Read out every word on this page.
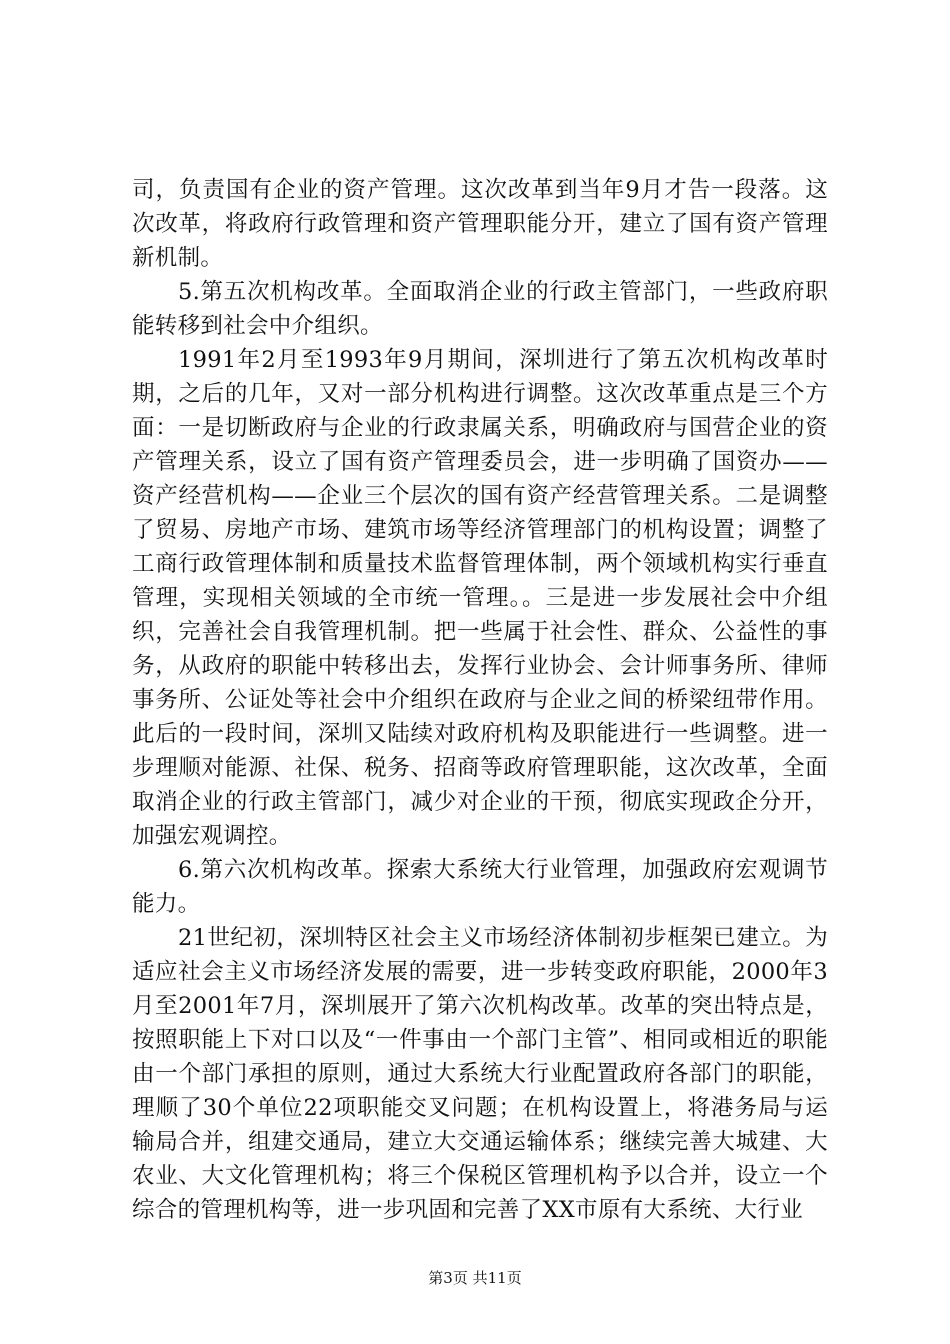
司，负责国有企业的资产管理。这次改革到当年9月才告一段落。这次改革，将政府行政管理和资产管理职能分开，建立了国有资产管理新机制。

5.第五次机构改革。全面取消企业的行政主管部门，一些政府职能转移到社会中介组织。

1991年2月至1993年9月期间，深圳进行了第五次机构改革时期，之后的几年，又对一部分机构进行调整。这次改革重点是三个方面：一是切断政府与企业的行政隶属关系，明确政府与国营企业的资产管理关系，设立了国有资产管理委员会，进一步明确了国资办——资产经营机构——企业三个层次的国有资产经营管理关系。二是调整了贸易、房地产市场、建筑市场等经济管理部门的机构设置；调整了工商行政管理体制和质量技术监督管理体制，两个领域机构实行垂直管理，实现相关领域的全市统一管理。。三是进一步发展社会中介组织，完善社会自我管理机制。把一些属于社会性、群众、公益性的事务，从政府的职能中转移出去，发挥行业协会、会计师事务所、律师事务所、公证处等社会中介组织在政府与企业之间的桥梁纽带作用。此后的一段时间，深圳又陆续对政府机构及职能进行一些调整。进一步理顺对能源、社保、税务、招商等政府管理职能，这次改革，全面取消企业的行政主管部门，减少对企业的干预，彻底实现政企分开，加强宏观调控。

6.第六次机构改革。探索大系统大行业管理，加强政府宏观调节能力。

21世纪初，深圳特区社会主义市场经济体制初步框架已建立。为适应社会主义市场经济发展的需要，进一步转变政府职能，2000年3月至2001年7月，深圳展开了第六次机构改革。改革的突出特点是，按照职能上下对口以及“一件事由一个部门主管”、相同或相近的职能由一个部门承担的原则，通过大系统大行业配置政府各部门的职能，理顺了30个单位22项职能交叉问题；在机构设置上，将港务局与运输局合并，组建交通局，建立大交通运输体系；继续完善大城建、大农业、大文化管理机构；将三个保税区管理机构予以合并，设立一个综合的管理机构等，进一步巩固和完善了XX市原有大系统、大行业

第3页 共11页
